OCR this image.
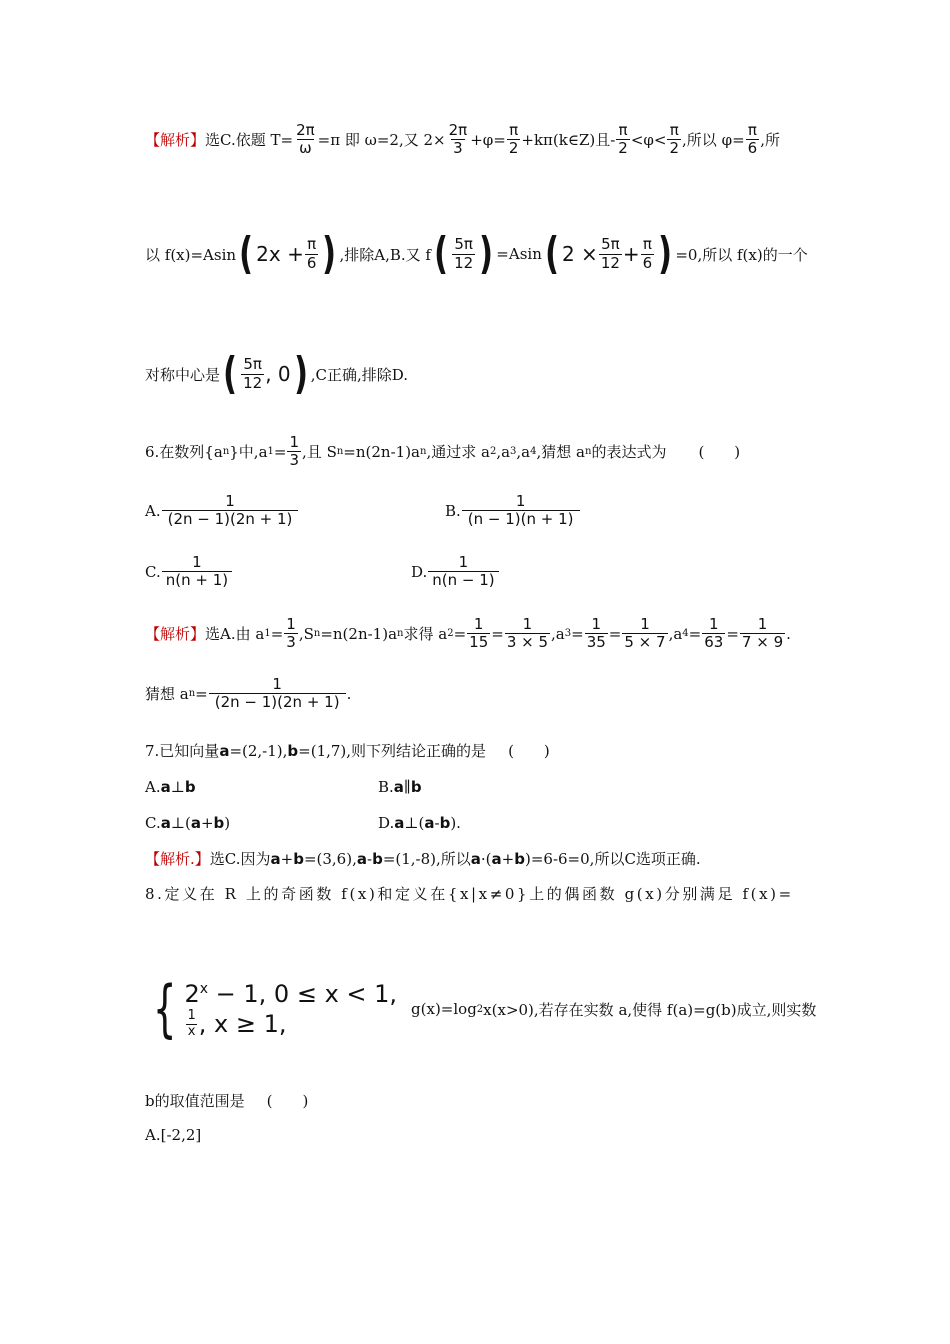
【解析】 选C.依题 $T= \frac{2\pi}{\omega} =\pi$ 即 ω=2,又 $2\times \frac{2\pi}{3} +\varphi= \frac{\pi}{2}$ +kπ(k∈Z)且- $\frac{\pi}{2} <\varphi< \frac{\pi}{2}$ ,所以 $\varphi= \frac{\pi}{6}$ ,所
以 f(x)=Asin ( $2x + \frac{\pi}{6}$ ) ,排除A,B.又 f ( $\frac{5\pi}{12}$ ) =Asin ( $2 \times \frac{5\pi}{12} + \frac{\pi}{6}$ ) =0,所以 f(x)的一个
对称中心是 ( $\frac{5\pi}{12}$ , 0 ) ,C正确,排除D.
6.在数列{a n }中,a $1 = \frac{1}{3}$ ,且 S n =n(2n-1)a n ,通过求 a 2 ,a 3 ,a 4 ,猜想 a n 的表达式为 (　　)
A. $\frac{1}{(2n - 1)(2n + 1)}$	B. $\frac{1}{(n - 1)(n + 1)}$
C. $\frac{1}{n(n + 1)}$	D. $\frac{1}{n(n - 1)}$
【解析】 选A.由 a $1 = \frac{1}{3} ,S$ n =n(2n-1)a n 求得 a $2 = \frac{1}{15} = \frac{1}{3 \times 5} ,a$ $3 = \frac{1}{35} = \frac{1}{5 \times 7} ,a$ $4 = \frac{1}{63} = \frac{1}{7 \times 9}$ .
猜想 a $n = \frac{1}{(2n - 1)(2n + 1)}$ .
7.已知向量 a =(2,-1), b =(1,7),则下列结论正确的是 (　　)
A. a ⊥ b	B. a ∥ b
C. a ⊥( a + b )	D. a ⊥( a - b ).
【解析.】 选C.因为 a + b =(3,6), a - b =(1,-8),所以 a ·( a + b )=6-6=0,所以C选项正确.
8.定义在 R 上的奇函数 f(x)和定义在{x|x≠0}上的偶函数 g(x)分别满足 f(x)=
{ $2^x - 1$, 0 ≤ x < 1,
$\frac{1}{x}$ , x ≥ 1,
g(x)=log 2 x(x>0),若存在实数 a,使得 f(a)=g(b)成立,则实数
b的取值范围是 (　　)
A.[-2,2]
